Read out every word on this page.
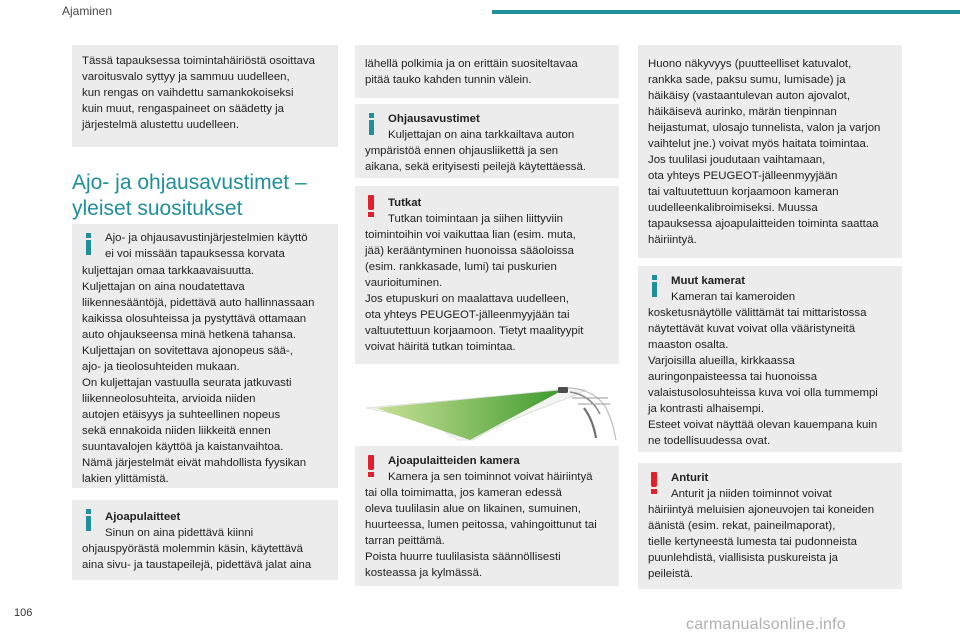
Ajaminen
Tässä tapauksessa toimintahäiriöstä osoittava
varoitusvalo syttyy ja sammuu uudelleen,
kun rengas on vaihdettu samankokoiseksi
kuin muut, rengaspaineet on säädetty ja
järjestelmä alustettu uudelleen.
Ajo- ja ohjausavustimet –
yleiset suositukset
Ajo- ja ohjausavustinjärjestelmien käyttö
ei voi missään tapauksessa korvata
kuljettajan omaa tarkkaavaisuutta.
Kuljettajan on aina noudatettava
liikennesääntöjä, pidettävä auto hallinnassaan
kaikissa olosuhteissa ja pystyttävä ottamaan
auto ohjaukseensa minä hetkenä tahansa.
Kuljettajan on sovitettava ajonopeus sää-,
ajo- ja tieolosuhteiden mukaan.
On kuljettajan vastuulla seurata jatkuvasti
liikenneolosuhteita, arvioida niiden
autojen etäisyys ja suhteellinen nopeus
sekä ennakoida niiden liikkeitä ennen
suuntavalojen käyttöä ja kaistanvaihtoa.
Nämä järjestelmät eivät mahdollista fyysikan
lakien ylittämistä.
Ajoapulaitteet
Sinun on aina pidettävä kiinni
ohjauspyörästä molemmin käsin, käytettävä
aina sivu- ja taustapeilejä, pidettävä jalat aina
lähellä polkimia ja on erittäin suositeltavaa
pitää tauko kahden tunnin välein.
Ohjausavustimet
Kuljettajan on aina tarkkailtava auton
ympäristöä ennen ohjausliikettä ja sen
aikana, sekä erityisesti peilejä käytettäessä.
Tutkat
Tutkan toimintaan ja siihen liittyviin
toimintoihin voi vaikuttaa lian (esim. muta,
jää) kerääntyminen huonoissa sääoloissa
(esim. rankkasade, lumi) tai puskurien
vaurioituminen.
Jos etupuskuri on maalattava uudelleen,
ota yhteys PEUGEOT-jälleenmyyjään tai
valtuutettuun korjaamoon. Tietyt maalityypit
voivat häiritä tutkan toimintaa.
Ajoapulaitteiden kamera
Kamera ja sen toiminnot voivat häiriintyä
tai olla toimimatta, jos kameran edessä
oleva tuulilasin alue on likainen, sumuinen,
huurteessa, lumen peitossa, vahingoittunut tai
tarran peittämä.
Poista huurre tuulilasista säännöllisesti
kosteassa ja kylmässä.
Huono näkyvyys (puutteelliset katuvalot,
rankka sade, paksu sumu, lumisade) ja
häikäisy (vastaantulevan auton ajovalot,
häikäisevä aurinko, märän tienpinnan
heijastumat, ulosajo tunnelista, valon ja varjon
vaihtelut jne.) voivat myös haitata toimintaa.
Jos tuulilasi joudutaan vaihtamaan,
ota yhteys PEUGEOT-jälleenmyyjään
tai valtuutettuun korjaamoon kameran
uudelleenkalibroimiseksi. Muussa
tapauksessa ajoapulaitteiden toiminta saattaa
häiriintyä.
Muut kamerat
Kameran tai kameroiden
kosketusnäytölle välittämät tai mittaristossa
näytettävät kuvat voivat olla vääristyneitä
maaston osalta.
Varjoisilla alueilla, kirkkaassa
auringonpaisteessa tai huonoissa
valaistusolosuhteissa kuva voi olla tummempi
ja kontrasti alhaisempi.
Esteet voivat näyttää olevan kauempana kuin
ne todellisuudessa ovat.
Anturit
Anturit ja niiden toiminnot voivat
häiriintyä meluisien ajoneuvojen tai koneiden
äänistä (esim. rekat, paineilmaporat),
tielle kertyneestä lumesta tai pudonneista
puunlehdistä, viallisista puskureista ja
peileistä.
106
carmanualsonline.info
